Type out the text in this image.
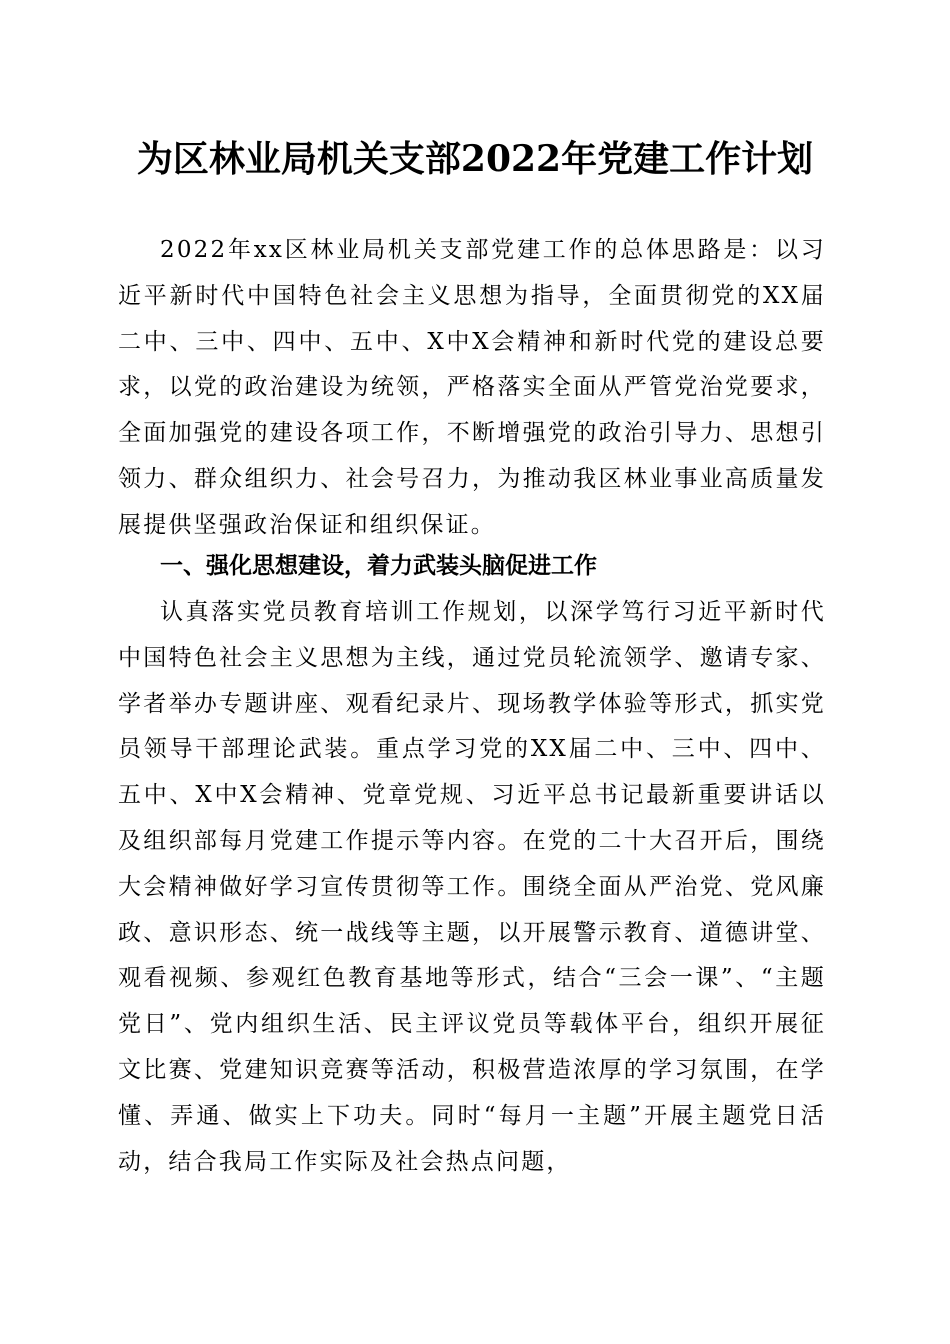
为区林业局机关支部2022年党建工作计划

2022年xx区林业局机关支部党建工作的总体思路是：以习近平新时代中国特色社会主义思想为指导，全面贯彻党的XX届二中、三中、四中、五中、X中X会精神和新时代党的建设总要求，以党的政治建设为统领，严格落实全面从严管党治党要求，全面加强党的建设各项工作，不断增强党的政治引导力、思想引领力、群众组织力、社会号召力，为推动我区林业事业高质量发展提供坚强政治保证和组织保证。

一、强化思想建设，着力武装头脑促进工作

认真落实党员教育培训工作规划，以深学笃行习近平新时代中国特色社会主义思想为主线，通过党员轮流领学、邀请专家、学者举办专题讲座、观看纪录片、现场教学体验等形式，抓实党员领导干部理论武装。重点学习党的XX届二中、三中、四中、五中、X中X会精神、党章党规、习近平总书记最新重要讲话以及组织部每月党建工作提示等内容。在党的二十大召开后，围绕大会精神做好学习宣传贯彻等工作。围绕全面从严治党、党风廉政、意识形态、统一战线等主题，以开展警示教育、道德讲堂、观看视频、参观红色教育基地等形式，结合“三会一课”、“主题党日”、党内组织生活、民主评议党员等载体平台，组织开展征文比赛、党建知识竞赛等活动，积极营造浓厚的学习氛围，在学懂、弄通、做实上下功夫。同时“每月一主题”开展主题党日活动，结合我局工作实际及社会热点问题，
